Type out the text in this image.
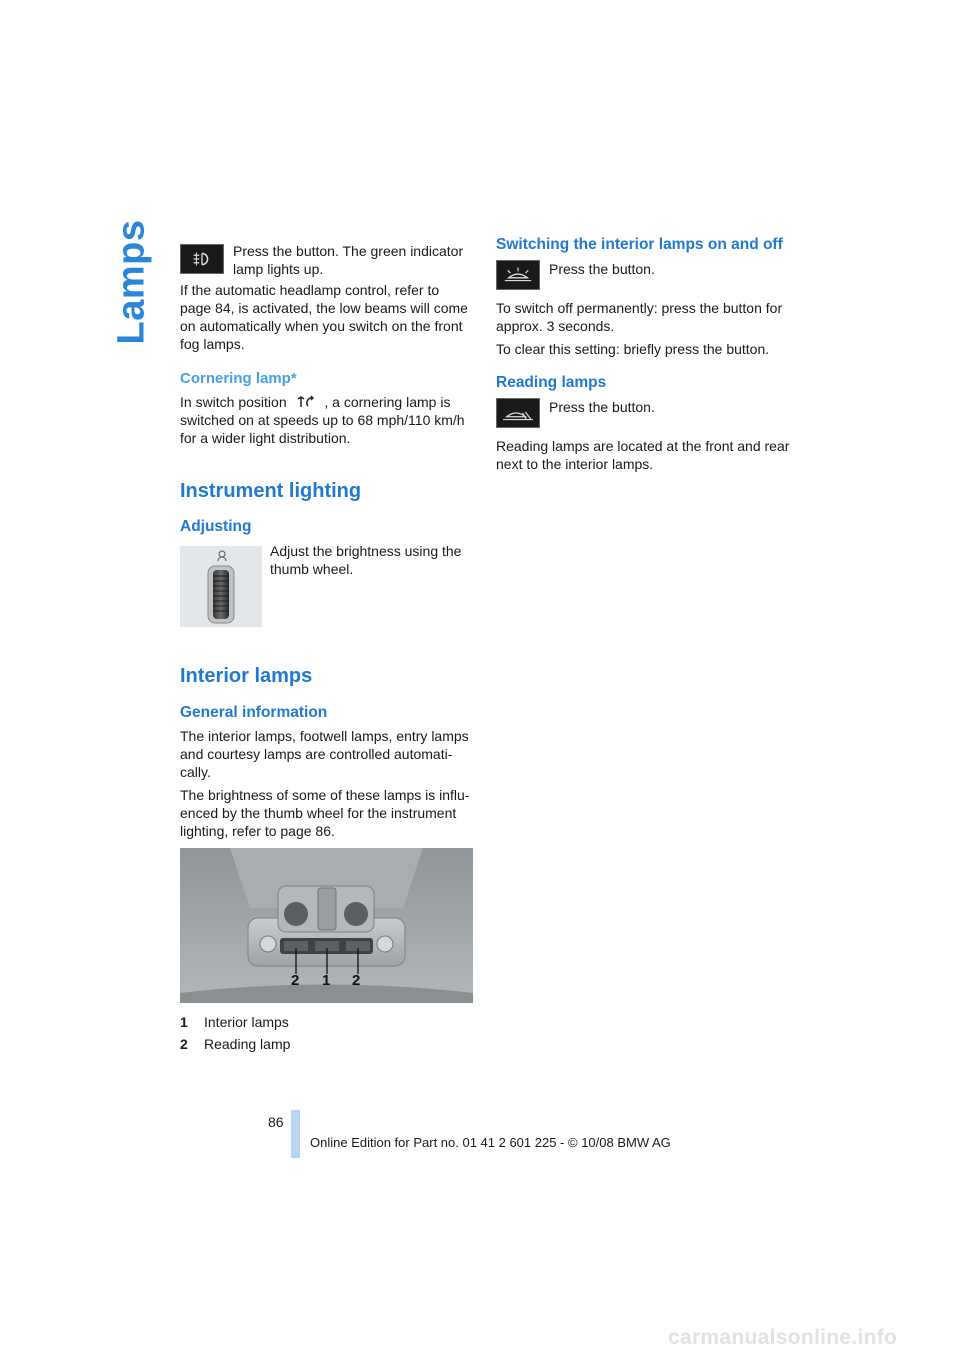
Lamps	Press the button. The green indicator lamp lights up.

If the automatic headlamp control, refer to page 84, is activated, the low beams will come on automatically when you switch on the front fog lamps.

Cornering lamp*

In switch position	, a cornering lamp is switched on at speeds up to 68 mph/110 km/h for a wider light distribution.

Instrument lighting

Adjusting

Adjust the brightness using the thumb wheel.

Interior lamps

General information

The interior lamps, footwell lamps, entry lamps and courtesy lamps are controlled automati-cally.

The brightness of some of these lamps is influ-enced by the thumb wheel for the instrument lighting, refer to page 86.

2 1 2
1 Interior lamps
2 Reading lamp

Switching the interior lamps on and off

Press the button.

To switch off permanently: press the button for approx. 3 seconds.

To clear this setting: briefly press the button.

Reading lamps

Press the button.

Reading lamps are located at the front and rear next to the interior lamps.

86
Online Edition for Part no. 01 41 2 601 225 - © 10/08 BMW AG
carmanualsonline.info
